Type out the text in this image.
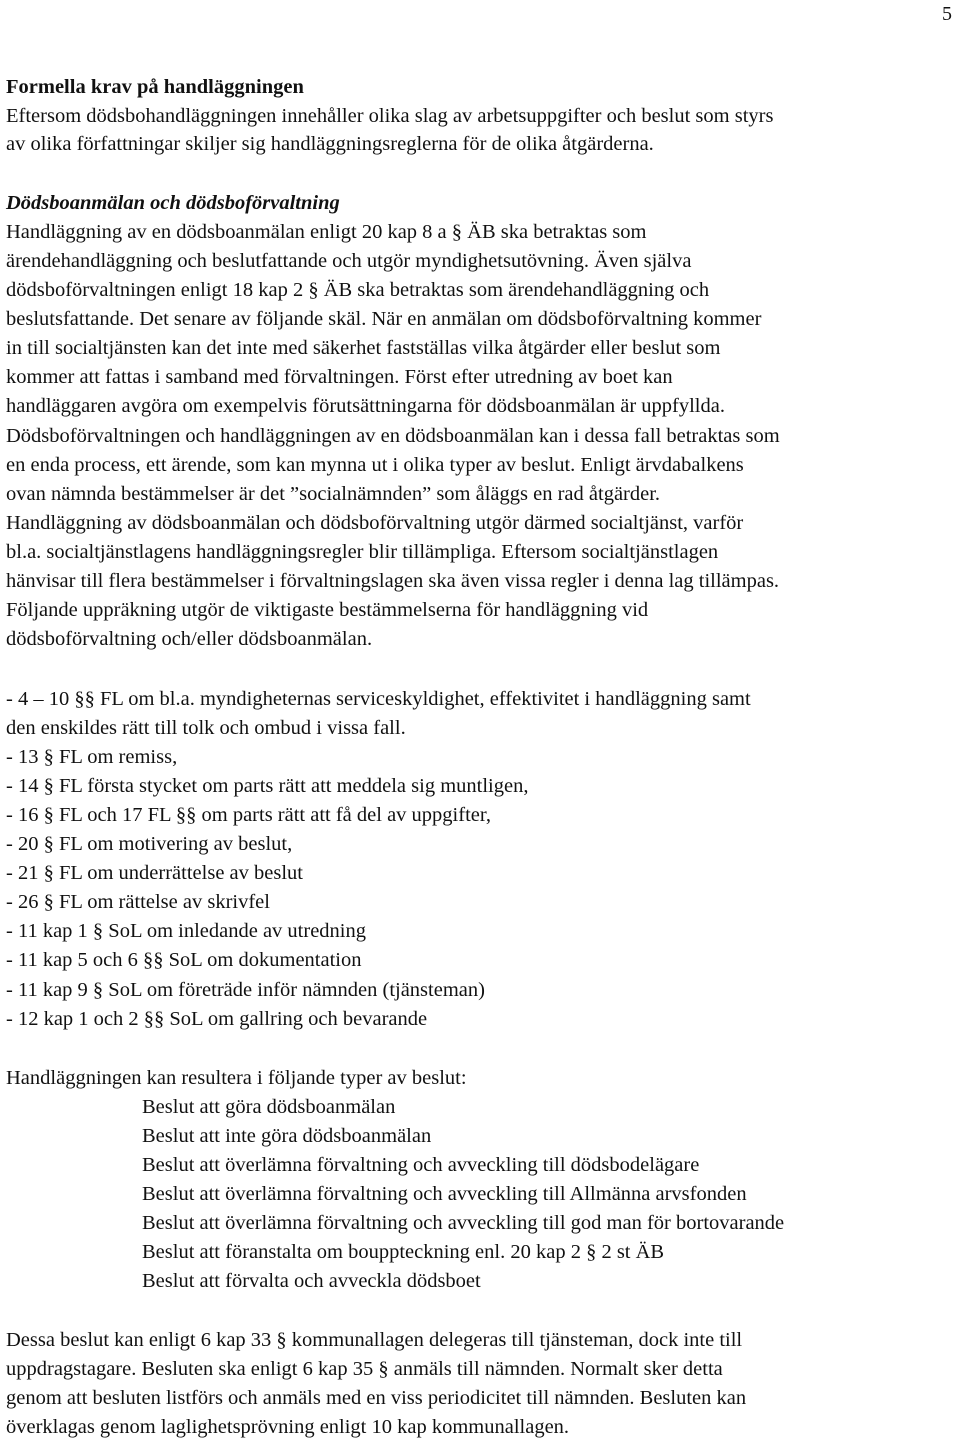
5
Formella krav på handläggningen
Eftersom dödsbohandläggningen innehåller olika slag av arbetsuppgifter och beslut som styrs
av olika författningar skiljer sig handläggningsreglerna för de olika åtgärderna.
Dödsboanmälan och dödsboförvaltning
Handläggning av en dödsboanmälan enligt 20 kap 8 a § ÄB ska betraktas som
ärendehandläggning och beslutfattande och utgör myndighetsutövning. Även själva
dödsboförvaltningen enligt 18 kap 2 § ÄB ska betraktas som ärendehandläggning och
beslutsfattande. Det senare av följande skäl. När en anmälan om dödsboförvaltning kommer
in till socialtjänsten kan det inte med säkerhet fastställas vilka åtgärder eller beslut som
kommer att fattas i samband med förvaltningen. Först efter utredning av boet kan
handläggaren avgöra om exempelvis förutsättningarna för dödsboanmälan är uppfyllda.
Dödsboförvaltningen och handläggningen av en dödsboanmälan kan i dessa fall betraktas som
en enda process, ett ärende, som kan mynna ut i olika typer av beslut. Enligt ärvdabalkens
ovan nämnda bestämmelser är det ”socialnämnden” som åläggs en rad åtgärder.
Handläggning av dödsboanmälan och dödsboförvaltning utgör därmed socialtjänst, varför
bl.a. socialtjänstlagens handläggningsregler blir tillämpliga. Eftersom socialtjänstlagen
hänvisar till flera bestämmelser i förvaltningslagen ska även vissa regler i denna lag tillämpas.
Följande uppräkning utgör de viktigaste bestämmelserna för handläggning vid
dödsboförvaltning och/eller dödsboanmälan.
- 4 – 10 §§ FL om bl.a. myndigheternas serviceskyldighet, effektivitet i handläggning samt
den enskildes rätt till tolk och ombud i vissa fall.
- 13 § FL om remiss,
- 14 § FL första stycket om parts rätt att meddela sig muntligen,
- 16 § FL och 17 FL §§ om parts rätt att få del av uppgifter,
- 20 § FL om motivering av beslut,
- 21 § FL om underrättelse av beslut
- 26 § FL om rättelse av skrivfel
- 11 kap 1 § SoL om inledande av utredning
- 11 kap 5 och 6 §§ SoL om dokumentation
- 11 kap 9 § SoL om företräde inför nämnden (tjänsteman)
- 12 kap 1 och 2 §§ SoL om gallring och bevarande
Handläggningen kan resultera i följande typer av beslut:
Beslut att göra dödsboanmälan
Beslut att inte göra dödsboanmälan
Beslut att överlämna förvaltning och avveckling till dödsbodelägare
Beslut att överlämna förvaltning och avveckling till Allmänna arvsfonden
Beslut att överlämna förvaltning och avveckling till god man för bortovarande
Beslut att föranstalta om bouppteckning enl. 20 kap 2 § 2 st ÄB
Beslut att förvalta och avveckla dödsboet
Dessa beslut kan enligt 6 kap 33 § kommunallagen delegeras till tjänsteman, dock inte till
uppdragstagare. Besluten ska enligt 6 kap 35 § anmäls till nämnden. Normalt sker detta
genom att besluten listförs och anmäls med en viss periodicitet till nämnden. Besluten kan
överklagas genom laglighetsprövning enligt 10 kap kommunallagen.
